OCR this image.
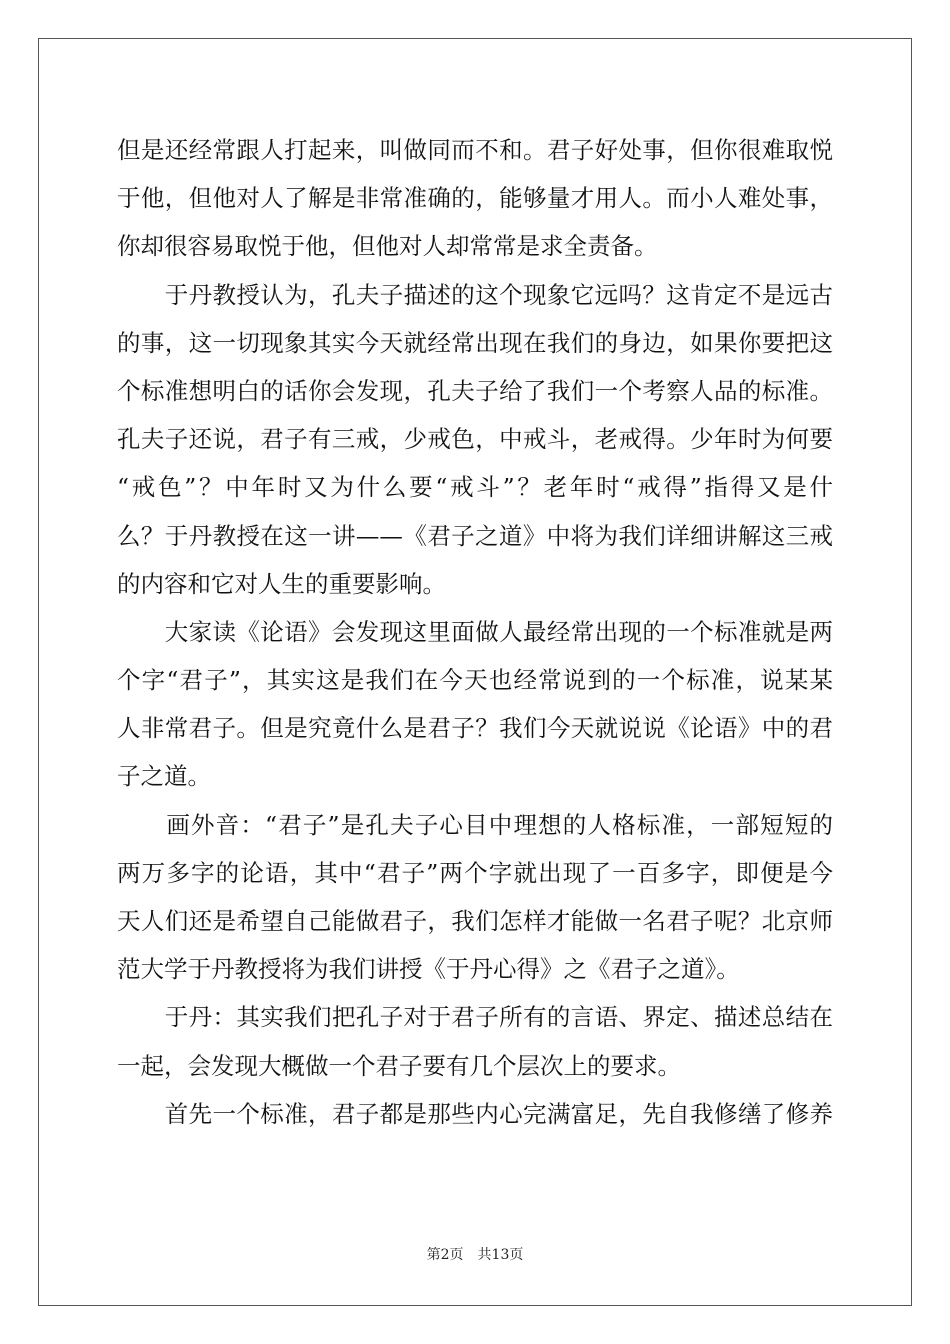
但是还经常跟人打起来，叫做同而不和。君子好处事，但你很难取悦
于他，但他对人了解是非常准确的，能够量才用人。而小人难处事，
你却很容易取悦于他，但他对人却常常是求全责备。
　　于丹教授认为，孔夫子描述的这个现象它远吗？这肯定不是远古
的事，这一切现象其实今天就经常出现在我们的身边，如果你要把这
个标准想明白的话你会发现，孔夫子给了我们一个考察人品的标准。
孔夫子还说，君子有三戒，少戒色，中戒斗，老戒得。少年时为何要
“戒色”？中年时又为什么要“戒斗”？老年时“戒得”指得又是什
么？于丹教授在这一讲——《君子之道》中将为我们详细讲解这三戒
的内容和它对人生的重要影响。
　　大家读《论语》会发现这里面做人最经常出现的一个标准就是两
个字“君子”，其实这是我们在今天也经常说到的一个标准，说某某
人非常君子。但是究竟什么是君子？我们今天就说说《论语》中的君
子之道。
　　画外音：“君子”是孔夫子心目中理想的人格标准，一部短短的
两万多字的论语，其中“君子”两个字就出现了一百多字，即便是今
天人们还是希望自己能做君子，我们怎样才能做一名君子呢？北京师
范大学于丹教授将为我们讲授《于丹心得》之《君子之道》。
　　于丹：其实我们把孔子对于君子所有的言语、界定、描述总结在
一起，会发现大概做一个君子要有几个层次上的要求。
　　首先一个标准，君子都是那些内心完满富足，先自我修缮了修养
第2页 共13页
